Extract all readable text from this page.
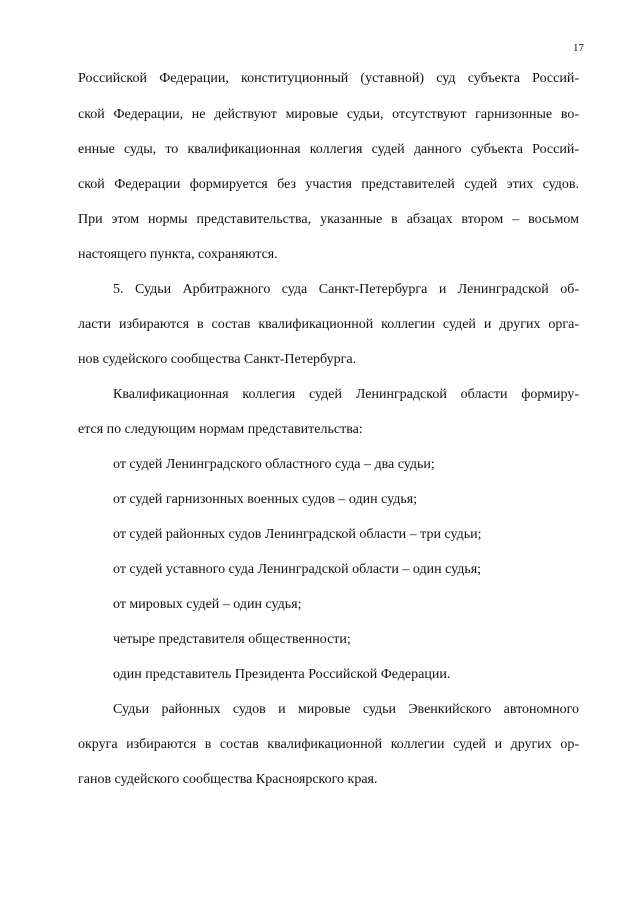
17
Российской Федерации, конституционный (уставной) суд субъекта Россий-
ской Федерации, не действуют мировые судьи, отсутствуют гарнизонные во-
енные суды, то квалификационная коллегия судей данного субъекта Россий-
ской Федерации формируется без участия представителей судей этих судов.
При этом нормы представительства, указанные в абзацах втором – восьмом
настоящего пункта, сохраняются.
5. Судьи Арбитражного суда Санкт-Петербурга и Ленинградской об-
ласти избираются в состав квалификационной коллегии судей и других орга-
нов судейского сообщества Санкт-Петербурга.
Квалификационная коллегия судей Ленинградской области формиру-
ется по следующим нормам представительства:
от судей Ленинградского областного суда – два судьи;
от судей гарнизонных военных судов – один судья;
от судей районных судов Ленинградской области – три судьи;
от судей уставного суда Ленинградской области – один судья;
от мировых судей – один судья;
четыре представителя общественности;
один представитель Президента Российской Федерации.
Судьи районных судов и мировые судьи Эвенкийского автономного
округа избираются в состав квалификационной коллегии судей и других ор-
ганов судейского сообщества Красноярского края.
